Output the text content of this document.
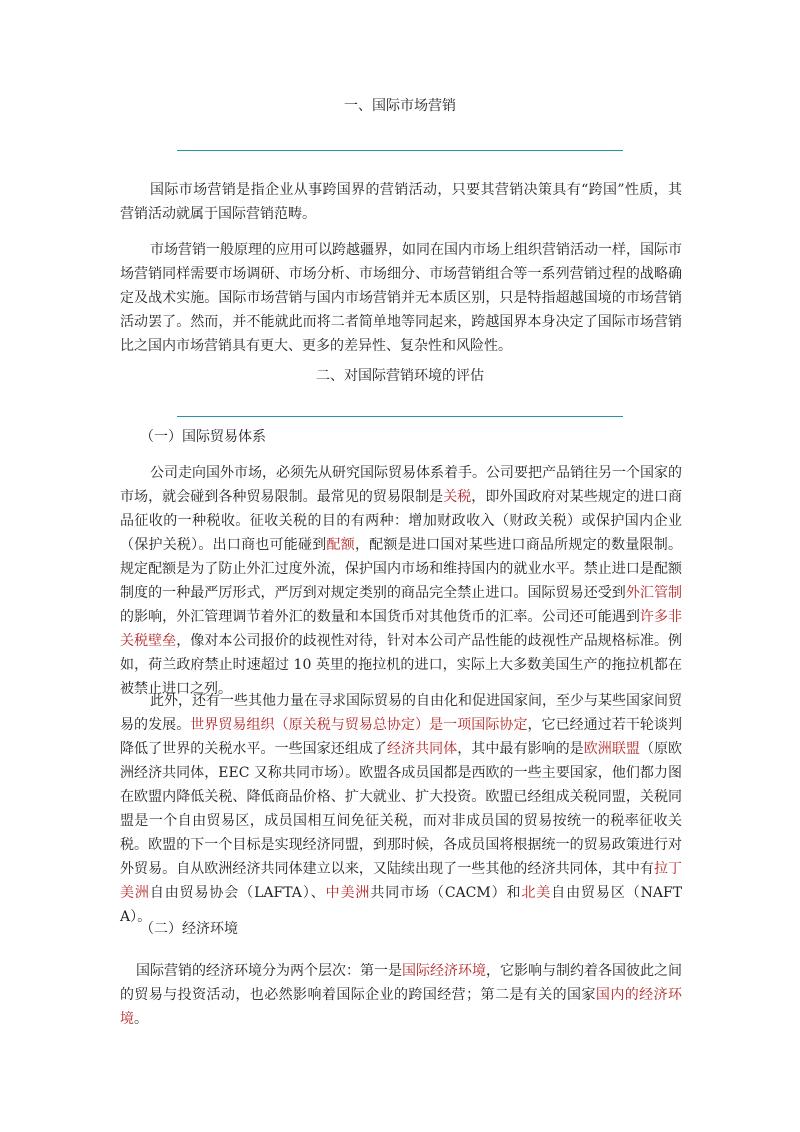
一、国际市场营销

国际市场营销是指企业从事跨国界的营销活动，只要其营销决策具有“跨国”性质，其营销活动就属于国际营销范畴。

市场营销一般原理的应用可以跨越疆界，如同在国内市场上组织营销活动一样，国际市场营销同样需要市场调研、市场分析、市场细分、市场营销组合等一系列营销过程的战略确定及战术实施。国际市场营销与国内市场营销并无本质区别，只是特指超越国境的市场营销活动罢了。然而，并不能就此而将二者简单地等同起来，跨越国界本身决定了国际市场营销比之国内市场营销具有更大、更多的差异性、复杂性和风险性。

二、对国际营销环境的评估
（一）国际贸易体系

公司走向国外市场，必须先从研究国际贸易体系着手。公司要把产品销往另一个国家的市场，就会碰到各种贸易限制。最常见的贸易限制是关税，即外国政府对某些规定的进口商品征收的一种税收。征收关税的目的有两种：增加财政收入（财政关税）或保护国内企业（保护关税）。出口商也可能碰到配额，配额是进口国对某些进口商品所规定的数量限制。规定配额是为了防止外汇过度外流，保护国内市场和维持国内的就业水平。禁止进口是配额制度的一种最严厉形式，严厉到对规定类别的商品完全禁止进口。国际贸易还受到外汇管制的影响，外汇管理调节着外汇的数量和本国货币对其他货币的汇率。公司还可能遇到许多非关税壁垒，像对本公司报价的歧视性对待，针对本公司产品性能的歧视性产品规格标准。例如，荷兰政府禁止时速超过 10 英里的拖拉机的进口，实际上大多数美国生产的拖拉机都在被禁止进口之列。

此外，还有一些其他力量在寻求国际贸易的自由化和促进国家间，至少与某些国家间贸易的发展。世界贸易组织（原关税与贸易总协定）是一项国际协定，它已经通过若干轮谈判降低了世界的关税水平。一些国家还组成了经济共同体，其中最有影响的是欧洲联盟（原欧洲经济共同体，EEC 又称共同市场）。欧盟各成员国都是西欧的一些主要国家，他们都力图在欧盟内降低关税、降低商品价格、扩大就业、扩大投资。欧盟已经组成关税同盟，关税同盟是一个自由贸易区，成员国相互间免征关税，而对非成员国的贸易按统一的税率征收关税。欧盟的下一个目标是实现经济同盟，到那时候，各成员国将根据统一的贸易政策进行对外贸易。自从欧洲经济共同体建立以来，又陆续出现了一些其他的经济共同体，其中有拉丁美洲自由贸易协会（LAFTA）、中美洲共同市场（CACM）和北美自由贸易区（NAFTA）。

（二）经济环境

国际营销的经济环境分为两个层次：第一是国际经济环境，它影响与制约着各国彼此之间的贸易与投资活动，也必然影响着国际企业的跨国经营；第二是有关的国家国内的经济环境。
